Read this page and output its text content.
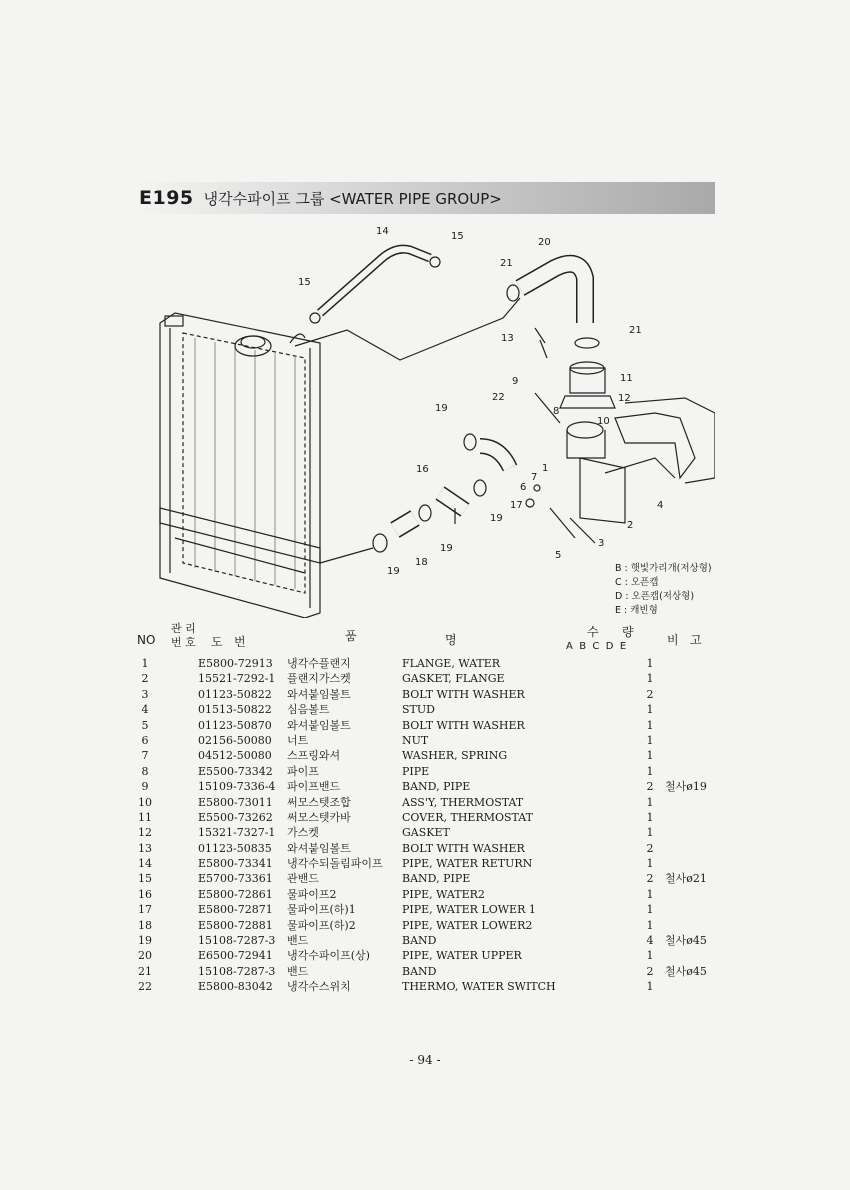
E195 냉각수파이프 그룹 <WATER PIPE GROUP>
1
2
3
4
5
6
7
8
9
10
11
12
13
14	15
15
16
17
18
19
19
19
19
20
21
21
22
B : 햇빛가리개(저상형)
C : 오픈캡
D : 오픈캡(저상형)
E : 캐빈형
NO
관 리
번 호 도   번	품	명
수 량
A  B  C  D  E	비   고
1	E5800-72913 냉각수플랜지	FLANGE, WATER	1
2	15521-7292-1 플랜지가스켓	GASKET, FLANGE	1
3	01123-50822 와셔붙임볼트	BOLT WITH WASHER	2
4	01513-50822 심음볼트	STUD	1
5	01123-50870 와셔붙임볼트	BOLT WITH WASHER	1
6	02156-50080 너트	NUT	1
7	04512-50080 스프링와셔	WASHER, SPRING	1
8	E5500-73342 파이프	PIPE	1
9	15109-7336-4 파이프밴드	BAND, PIPE	2	철사ø19
10	E5800-73011 써모스텟조합	ASS'Y, THERMOSTAT	1
11	E5500-73262 써모스텟카바	COVER, THERMOSTAT	1
12	15321-7327-1 가스켓	GASKET	1
13	01123-50835 와셔붙임볼트	BOLT WITH WASHER	2
14	E5800-73341 냉각수되돌림파이프 PIPE, WATER RETURN	1
15	E5700-73361 관밴드	BAND, PIPE	2	철사ø21
16	E5800-72861 물파이프2	PIPE, WATER2	1
17	E5800-72871 물파이프(하)1	PIPE, WATER LOWER 1	1
18	E5800-72881 물파이프(하)2	PIPE, WATER LOWER2	1
19	15108-7287-3 밴드	BAND	4	철사ø45
20	E6500-72941 냉각수파이프(상)	PIPE, WATER UPPER	1
21	15108-7287-3 밴드	BAND	2	철사ø45
22	E5800-83042 냉각수스위치	THERMO, WATER SWITCH	1
- 94 -
